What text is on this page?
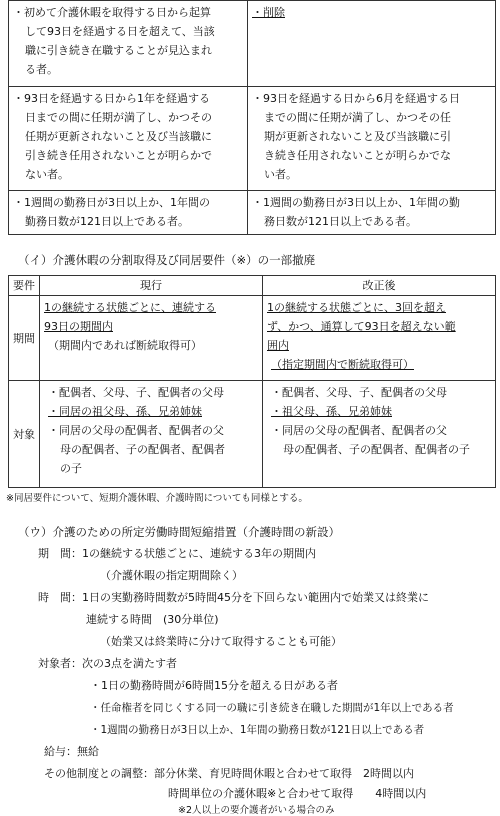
・初めて介護休暇を取得する日から起算
して93日を経過する日を超えて、当該
職に引き続き在職することが見込まれ
る者。	・削除

・93日を経過する日から1年を経過する
日までの間に任期が満了し、かつその
任期が更新されないこと及び当該職に
引き続き任用されないことが明らかで
ない者。	・93日を経過する日から6月を経過する日
までの間に任期が満了し、かつその任
期が更新されないこと及び当該職に引
き続き任用されないことが明らかでな
い者。

・1週間の勤務日が3日以上か、1年間の
勤務日数が121日以上である者。	・1週間の勤務日が3日以上か、1年間の勤
務日数が121日以上である者。
（イ）介護休暇の分割取得及び同居要件（※）の一部撤廃
要件	現行	改正後
期間	1の継続する状態ごとに、連続する
93日の期間内
（期間内であれば断続取得可）	1の継続する状態ごとに、3回を超え
ず、かつ、通算して93日を超えない範
囲内
（指定期間内で断続取得可）

対象	・配偶者、父母、子、配偶者の父母
・同居の祖父母、孫、兄弟姉妹
・同居の父母の配偶者、配偶者の父
母の配偶者、子の配偶者、配偶者
の子	・配偶者、父母、子、配偶者の父母
・祖父母、孫、兄弟姉妹
・同居の父母の配偶者、配偶者の父
母の配偶者、子の配偶者、配偶者の子
※同居要件について、短期介護休暇、介護時間についても同様とする。
（ウ）介護のための所定労働時間短縮措置（介護時間の新設）
期　間：1の継続する状態ごとに、連続する3年の期間内
（介護休暇の指定期間除く）
時　間：1日の実勤務時間数が5時間45分を下回らない範囲内で始業又は終業に
連続する時間　(30分単位)
（始業又は終業時に分けて取得することも可能）
対象者：次の3点を満たす者
・1日の勤務時間が6時間15分を超える日がある者
・任命権者を同じくする同一の職に引き続き在職した期間が1年以上である者
・1週間の勤務日が3日以上か、1年間の勤務日数が121日以上である者
給与：無給
その他制度との調整：部分休業、育児時間休暇と合わせて取得　2時間以内
時間単位の介護休暇※と合わせて取得　　4時間以内
※2人以上の要介護者がいる場合のみ
